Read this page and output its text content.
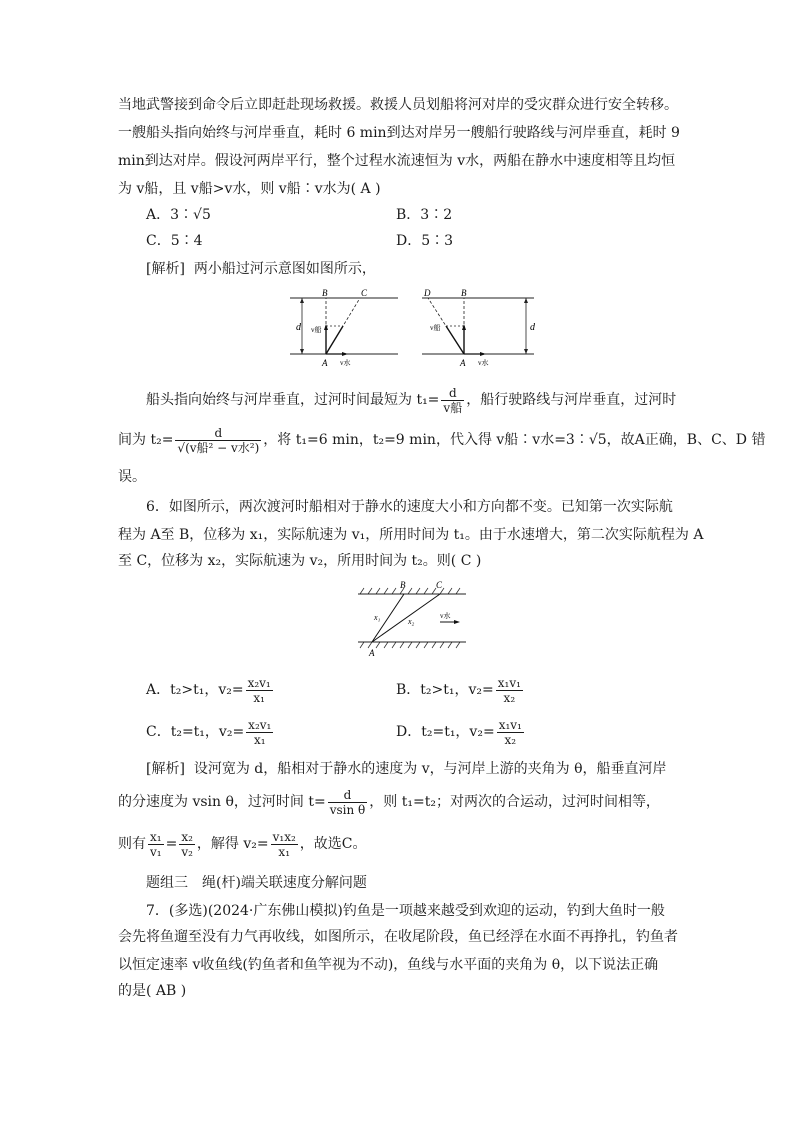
当地武警接到命令后立即赶赴现场救援。救援人员划船将河对岸的受灾群众进行安全转移。
一艘船头指向始终与河岸垂直，耗时 6 min到达对岸另一艘船行驶路线与河岸垂直，耗时 9
min到达对岸。假设河两岸平行，整个过程水流速恒为 v水，两船在静水中速度相等且均恒
为 v船，且 v船>v水，则 v船∶v水为( A )
A．3∶√5	B．3∶2
C．5∶4	D．5∶3
[解析] 两小船过河示意图如图所示，
d
B	C
A
v船
v水
d
D	B
A
v船
v水
船头指向始终与河岸垂直，过河时间最短为 $t_1= \frac{d}{\text{v船}}$ ，船行驶路线与河岸垂直，过河时
间为 $t_2= \frac{d}{\text{√(v船² − v水²)}}$ ，将 t₁=6 min，t₂=9 min，代入得 v船∶v水=3∶√5，故A正确，B、C、D 错
误。
6．如图所示，两次渡河时船相对于静水的速度大小和方向都不变。已知第一次实际航
程为 A至 B，位移为 x₁，实际航速为 v₁，所用时间为 t₁。由于水速增大，第二次实际航程为 A
至 C，位移为 x₂，实际航速为 v₂，所用时间为 t₂。则( C )
B	C
A
x₁	x₂
v水
A．t₂>t₁，$v_2= \frac{\text{x₂v₁}}{\text{x₁}}$	B．t₂>t₁，$v_2= \frac{\text{x₁v₁}}{\text{x₂}}$
C．t₂=t₁，$v_2= \frac{\text{x₂v₁}}{\text{x₁}}$	D．t₂=t₁，$v_2= \frac{\text{x₁v₁}}{\text{x₂}}$
[解析] 设河宽为 d，船相对于静水的速度为 v，与河岸上游的夹角为 θ，船垂直河岸
的分速度为 vsin θ，过河时间 $t= \frac{d}{\text{vsin θ}}$ ，则 t₁=t₂；对两次的合运动，过河时间相等，
则有 $\frac{\text{x₁}}{\text{v₁}} = \frac{\text{x₂}}{\text{v₂}}$ ，解得 $v_2= \frac{\text{v₁x₂}}{\text{x₁}}$ ，故选C。
题组三　绳(杆)端关联速度分解问题
7．(多选)(2024·广东佛山模拟)钓鱼是一项越来越受到欢迎的运动，钓到大鱼时一般
会先将鱼遛至没有力气再收线，如图所示，在收尾阶段，鱼已经浮在水面不再挣扎，钓鱼者
以恒定速率 v收鱼线(钓鱼者和鱼竿视为不动)，鱼线与水平面的夹角为 θ，以下说法正确
的是( AB )
